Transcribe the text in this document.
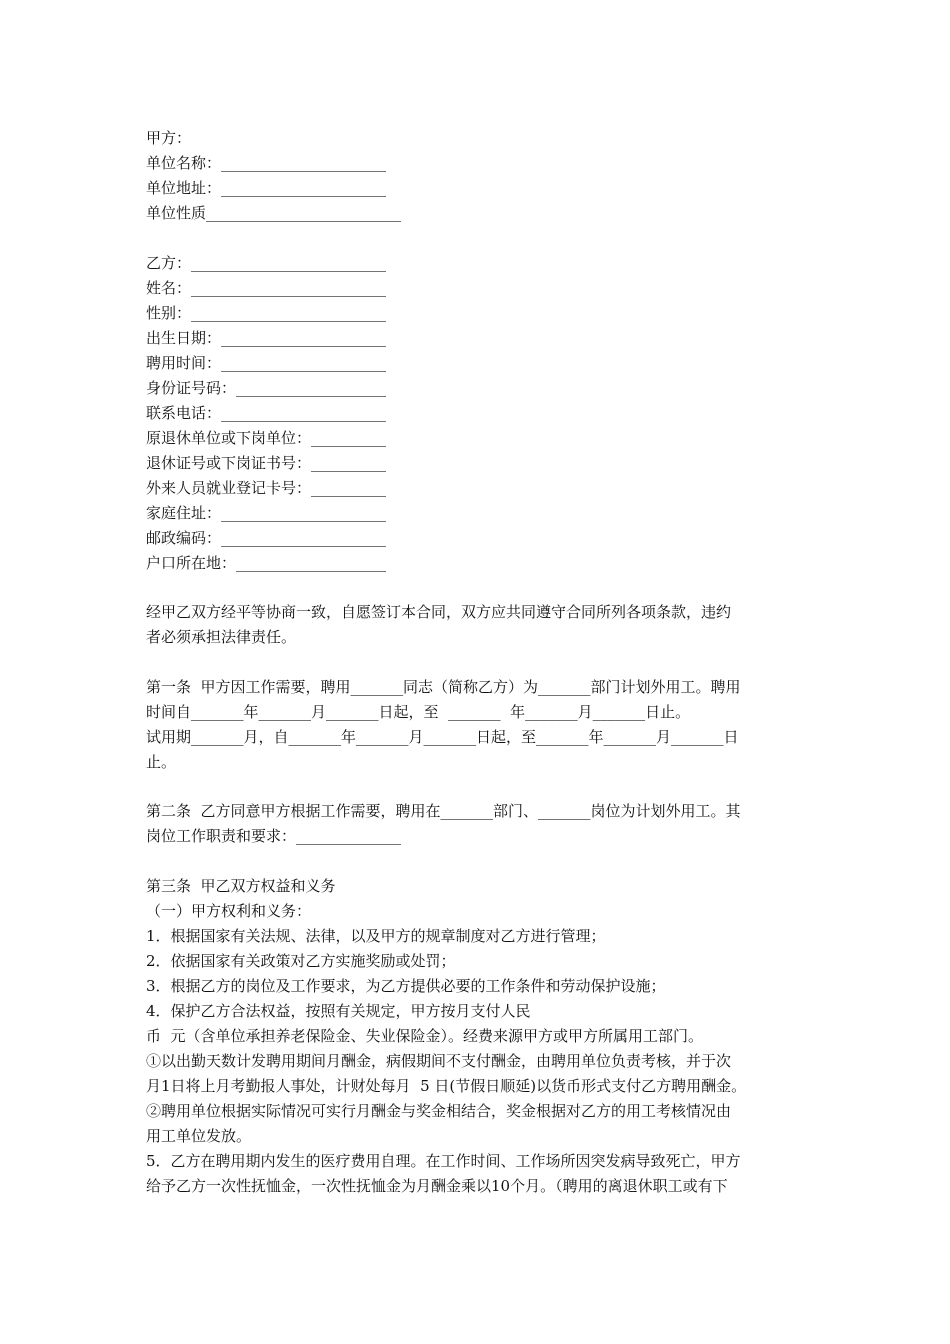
甲方：
单位名称：______________________
单位地址：______________________
单位性质__________________________
乙方：__________________________
姓名：__________________________
性别：__________________________
出生日期：______________________
聘用时间：______________________
身份证号码：____________________
联系电话：______________________
原退休单位或下岗单位：__________
退休证号或下岗证书号：__________
外来人员就业登记卡号：__________
家庭住址：______________________
邮政编码：______________________
户口所在地：____________________
经甲乙双方经平等协商一致，自愿签订本合同，双方应共同遵守合同所列各项条款，违约
者必须承担法律责任。
第一条  甲方因工作需要，聘用_______同志（简称乙方）为_______部门计划外用工。聘用
时间自_______年_______月_______日起，至  _______  年_______月_______日止。
试用期_______月，自_______年_______月_______日起，至_______年_______月_______日
止。
第二条  乙方同意甲方根据工作需要，聘用在_______部门、_______岗位为计划外用工。其
岗位工作职责和要求：______________
第三条  甲乙双方权益和义务
（一）甲方权利和义务：
1．根据国家有关法规、法律，以及甲方的规章制度对乙方进行管理；
2．依据国家有关政策对乙方实施奖励或处罚；
3．根据乙方的岗位及工作要求，为乙方提供必要的工作条件和劳动保护设施；
4．保护乙方合法权益，按照有关规定，甲方按月支付人民
币  元（含单位承担养老保险金、失业保险金）。经费来源甲方或甲方所属用工部门。
①以出勤天数计发聘用期间月酬金，病假期间不支付酬金，由聘用单位负责考核，并于次
月1日将上月考勤报人事处，计财处每月  5 日(节假日顺延)以货币形式支付乙方聘用酬金。
②聘用单位根据实际情况可实行月酬金与奖金相结合，奖金根据对乙方的用工考核情况由
用工单位发放。
5．乙方在聘用期内发生的医疗费用自理。在工作时间、工作场所因突发病导致死亡，甲方
给予乙方一次性抚恤金，一次性抚恤金为月酬金乘以10个月。（聘用的离退休职工或有下
